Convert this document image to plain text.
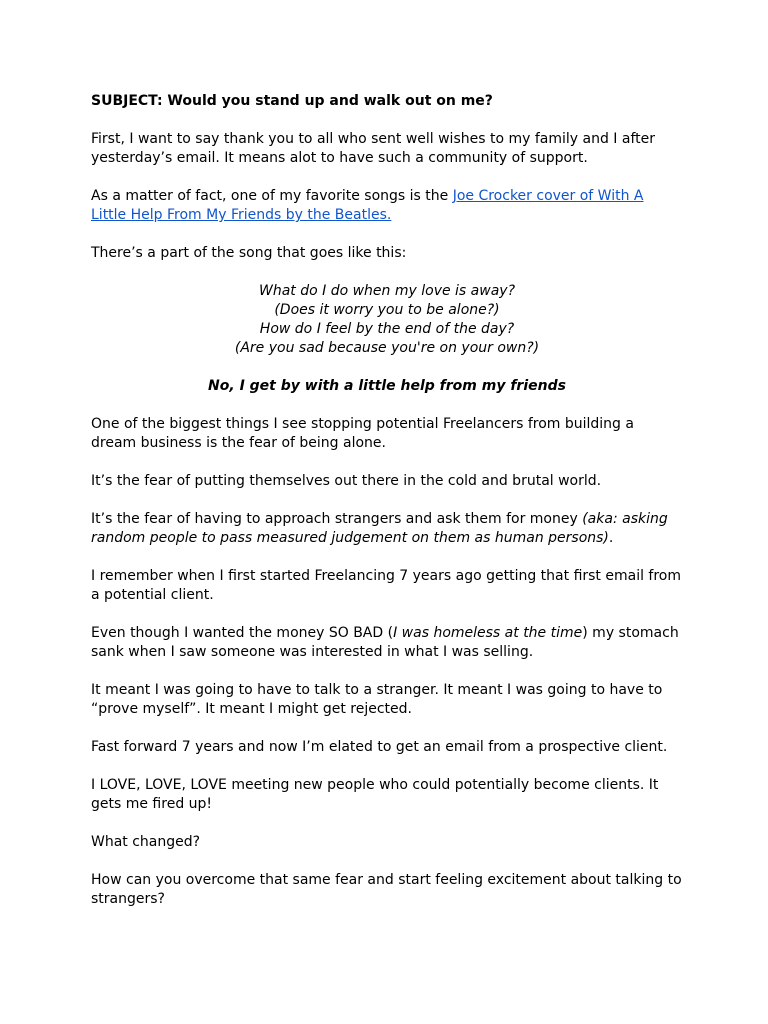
SUBJECT: Would you stand up and walk out on me?

First, I want to say thank you to all who sent well wishes to my family and I after yesterday’s email. It means alot to have such a community of support.

As a matter of fact, one of my favorite songs is the Joe Crocker cover of With A Little Help From My Friends by the Beatles.

There’s a part of the song that goes like this:

What do I do when my love is away?
(Does it worry you to be alone?)
How do I feel by the end of the day?
(Are you sad because you're on your own?)

No, I get by with a little help from my friends

One of the biggest things I see stopping potential Freelancers from building a dream business is the fear of being alone.

It’s the fear of putting themselves out there in the cold and brutal world.

It’s the fear of having to approach strangers and ask them for money (aka: asking random people to pass measured judgement on them as human persons).

I remember when I first started Freelancing 7 years ago getting that first email from a potential client.

Even though I wanted the money SO BAD (I was homeless at the time) my stomach sank when I saw someone was interested in what I was selling.

It meant I was going to have to talk to a stranger. It meant I was going to have to “prove myself”. It meant I might get rejected.

Fast forward 7 years and now I’m elated to get an email from a prospective client.

I LOVE, LOVE, LOVE meeting new people who could potentially become clients. It gets me fired up!

What changed?

How can you overcome that same fear and start feeling excitement about talking to strangers?
